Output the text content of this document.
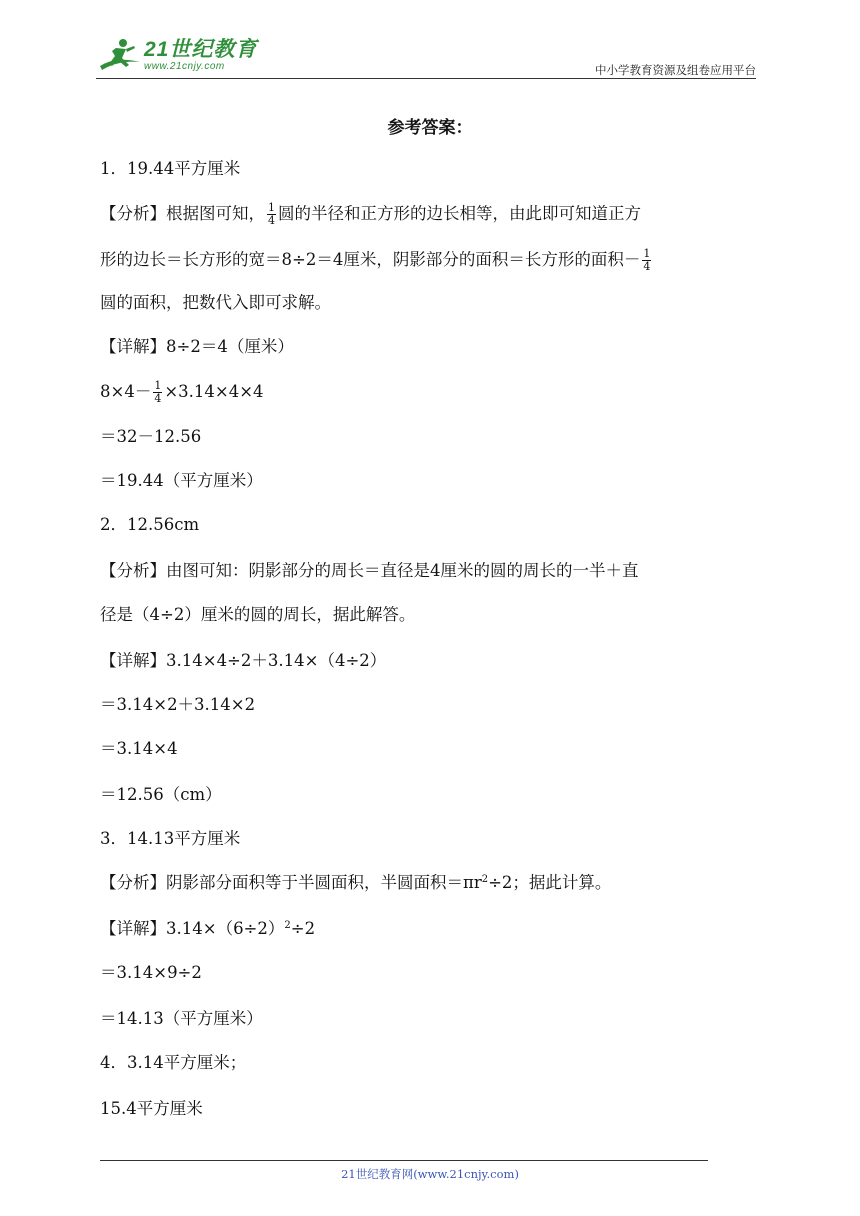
21世纪教育
www.21cnjy.com	中小学教育资源及组卷应用平台
参考答案：
1．19.44平方厘米
【分析】根据图可知， $\frac{1}{4}$ 圆的半径和正方形的边长相等，由此即可知道正方
形的边长＝长方形的宽＝8÷2＝4厘米，阴影部分的面积＝长方形的面积－ $\frac{1}{4}$
圆的面积，把数代入即可求解。
【详解】8÷2＝4（厘米）
$8\times 4- \frac{1}{4} \times 3.14\times 4\times 4$
＝32－12.56
＝19.44（平方厘米）
2．12.56cm
【分析】由图可知：阴影部分的周长＝直径是4厘米的圆的周长的一半＋直
径是（4÷2）厘米的圆的周长，据此解答。
【详解】3.14×4÷2＋3.14×（4÷2）
＝3.14×2＋3.14×2
＝3.14×4
＝12.56（cm）
3．14.13平方厘米
【分析】阴影部分面积等于半圆面积，半圆面积$=\pi r^2\div 2$；据此计算。
【详解】$3.14\times(6\div 2)^2\div 2$
＝3.14×9÷2
＝14.13（平方厘米）
4．3.14平方厘米；
15.4平方厘米
21世纪教育网(www.21cnjy.com)
